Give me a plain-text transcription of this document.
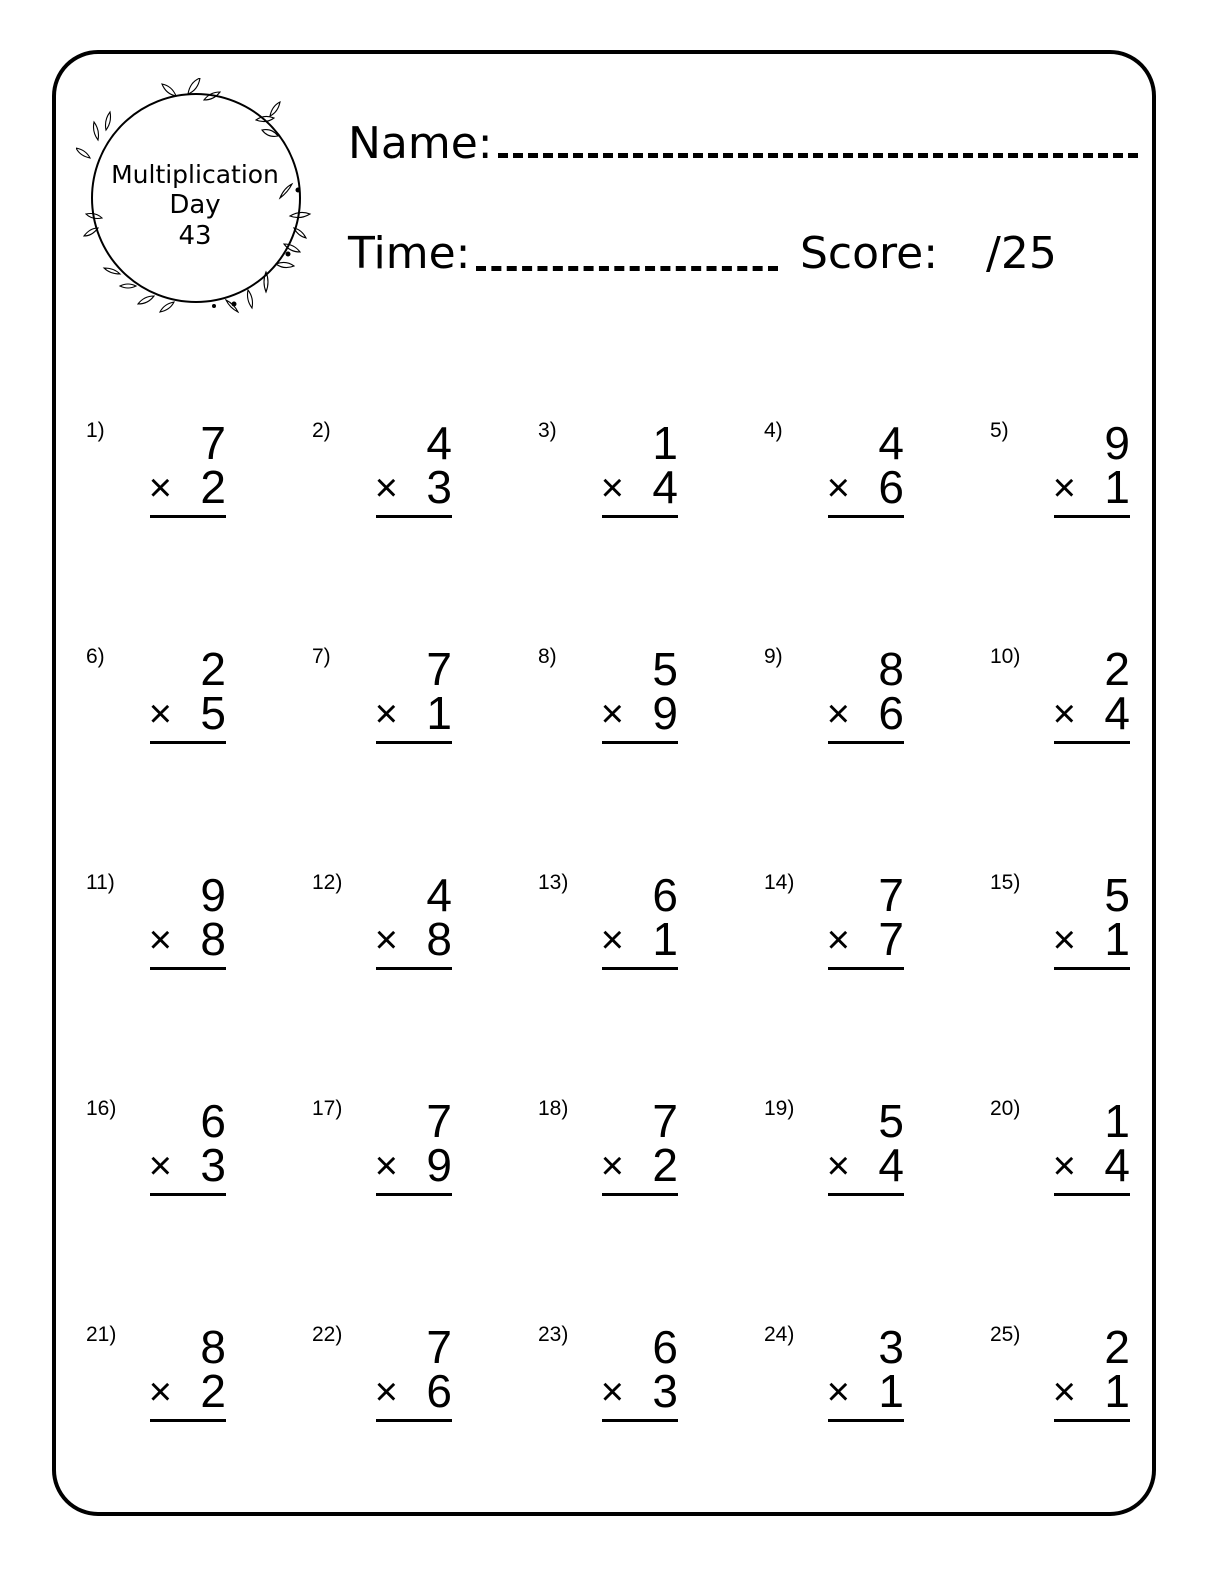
Multiplication
Day
43
Name:
Time:	Score: /25
1) 7
× 2
2) 4
× 3
3) 1
× 4
4) 4
× 6
5) 9
× 1
6) 2
× 5
7) 7
× 1
8) 5
× 9
9) 8
× 6
10) 2
× 4
11) 9
× 8
12) 4
× 8
13) 6
× 1
14) 7
× 7
15) 5
× 1
16) 6
× 3
17) 7
× 9
18) 7
× 2
19) 5
× 4
20) 1
× 4
21) 8
× 2
22) 7
× 6
23) 6
× 3
24) 3
× 1
25) 2
× 1
